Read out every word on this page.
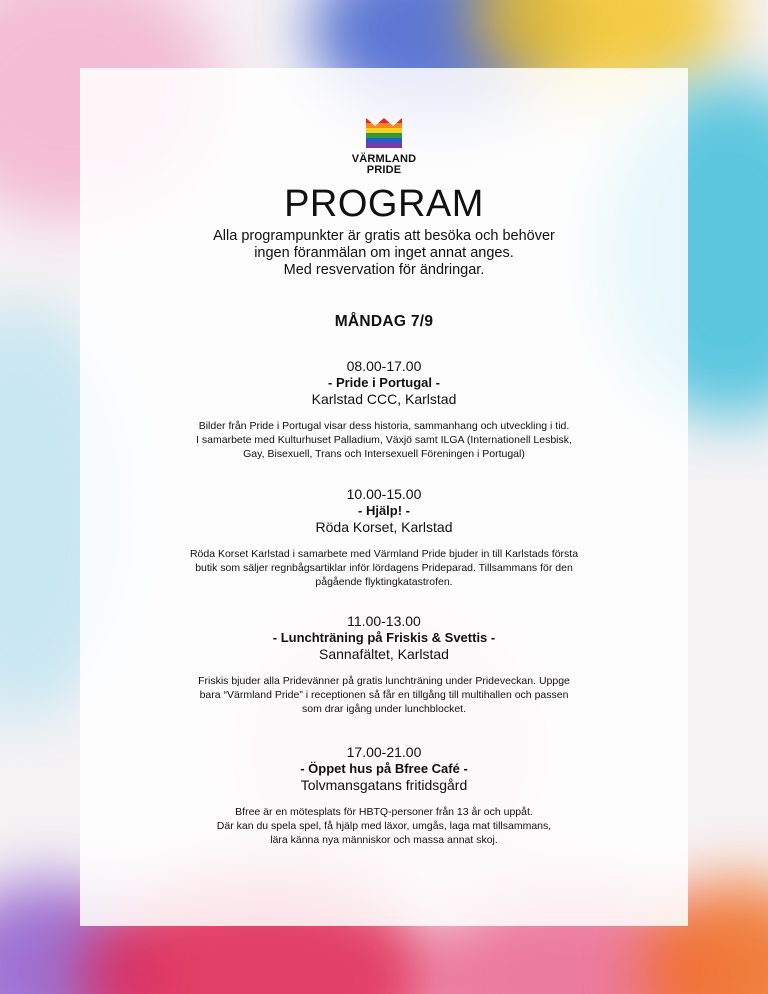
VÄRMLAND
PRIDE
PROGRAM
Alla programpunkter är gratis att besöka och behöver
ingen föranmälan om inget annat anges.
Med resvervation för ändringar.
MÅNDAG 7/9
08.00-17.00
- Pride i Portugal -
Karlstad CCC, Karlstad
Bilder från Pride i Portugal visar dess historia, sammanhang och utveckling i tid.
I samarbete med Kulturhuset Palladium, Växjö samt ILGA (Internationell Lesbisk,
Gay, Bisexuell, Trans och Intersexuell Föreningen i Portugal)
10.00-15.00
- Hjälp! -
Röda Korset, Karlstad
Röda Korset Karlstad i samarbete med Värmland Pride bjuder in till Karlstads första
butik som säljer regnbågsartiklar inför lördagens Prideparad. Tillsammans för den
pågående flyktingkatastrofen.
11.00-13.00
- Lunchträning på Friskis & Svettis -
Sannafältet, Karlstad
Friskis bjuder alla Pridevänner på gratis lunchträning under Prideveckan. Uppge
bara “Värmland Pride” i receptionen så får en tillgång till multihallen och passen
som drar igång under lunchblocket.
17.00-21.00
- Öppet hus på Bfree Café -
Tolvmansgatans fritidsgård
Bfree är en mötesplats för HBTQ-personer från 13 år och uppåt.
Där kan du spela spel, få hjälp med läxor, umgås, laga mat tillsammans,
lära känna nya människor och massa annat skoj.
